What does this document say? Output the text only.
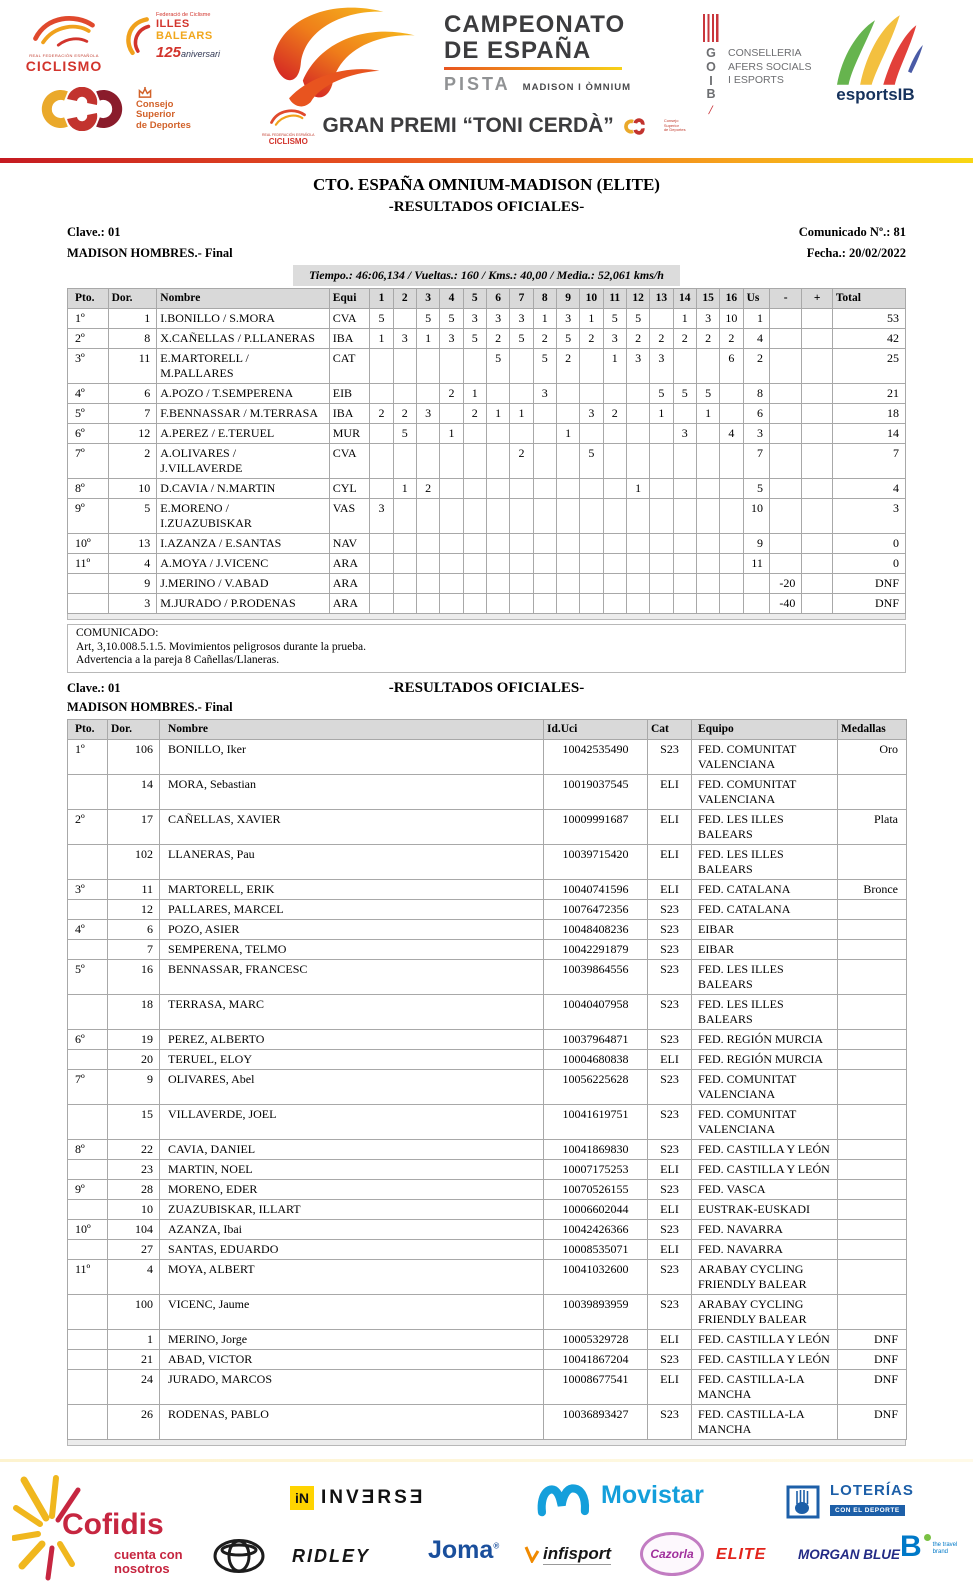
REAL FEDERACIÓN ESPAÑOLA
CICLISMO
Federació de Ciclisme
ILLES
BALEARS
125aniversari
Consejo
Superior
de Deportes
CAMPEONATO
DE ESPAÑA
PISTA MADISON I ÒMNIUM
REAL FEDERACIÓN ESPAÑOLA
CICLISMO
GRAN PREMI “TONI CERDÀ”	Consejo
Superior
de Deportes
G
O
I
B
/
CONSELLERIA
AFERS SOCIALS
I ESPORTS
esportsIB
CTO. ESPAÑA OMNIUM-MADISON (ELITE)
-RESULTADOS OFICIALES-
Clave.: 01	Comunicado Nº.: 81
MADISON HOMBRES.- Final	Fecha.: 20/02/2022
Tiempo.: 46:06,134 / Vueltas.: 160 / Kms.: 40,00 / Media.: 52,061 kms/h
Pto.	Dor.	Nombre	Equi	1	2	3	4	5	6	7	8	9	10	11	12	13	14	15	16	Us	-	+	Total
1º	1	I.BONILLO / S.MORA	CVA	5		5	5	3	3	3	1	3	1	5	5		1	3	10	1			53
2º	8	X.CAÑELLAS / P.LLANERAS	IBA	1	3	1	3	5	2	5	2	5	2	3	2	2	2	2	2	4			42
3º	11	E.MARTORELL /
M.PALLARES	CAT						5		5	2		1	3	3			6	2			25
4º	6	A.POZO / T.SEMPERENA	EIB				2	1			3					5	5	5		8			21
5º	7	F.BENNASSAR / M.TERRASA	IBA	2	2	3		2	1	1			3	2		1		1		6			18
6º	12	A.PEREZ / E.TERUEL	MUR		5		1					1					3		4	3			14
7º	2	A.OLIVARES /
J.VILLAVERDE	CVA							2			5							7			7
8º	10	D.CAVIA / N.MARTIN	CYL		1	2									1					5			4
9º	5	E.MORENO /
I.ZUAZUBISKAR	VAS	3																10			3
10º	13	I.AZANZA / E.SANTAS	NAV																	9			0
11º	4	A.MOYA / J.VICENC	ARA																	11			0
	9	J.MERINO / V.ABAD	ARA																		-20		DNF
	3	M.JURADO / P.RODENAS	ARA																		-40		DNF
COMUNICADO:
Art, 3,10.008.5.1.5. Movimientos peligrosos durante la prueba.
Advertencia a la pareja 8 Cañellas/Llaneras.
Clave.: 01	-RESULTADOS OFICIALES-
MADISON HOMBRES.- Final
Pto.	Dor.	Nombre	Id.Uci	Cat	Equipo	Medallas
1º	106	BONILLO, Iker	10042535490	S23	FED. COMUNITAT VALENCIANA	Oro
	14	MORA, Sebastian	10019037545	ELI	FED. COMUNITAT VALENCIANA	
2º	17	CAÑELLAS, XAVIER	10009991687	ELI	FED. LES ILLES BALEARS	Plata
	102	LLANERAS, Pau	10039715420	ELI	FED. LES ILLES BALEARS	
3º	11	MARTORELL, ERIK	10040741596	ELI	FED. CATALANA	Bronce
	12	PALLARES, MARCEL	10076472356	S23	FED. CATALANA	
4º	6	POZO, ASIER	10048408236	S23	EIBAR	
	7	SEMPERENA, TELMO	10042291879	S23	EIBAR	
5º	16	BENNASSAR, FRANCESC	10039864556	S23	FED. LES ILLES BALEARS	
	18	TERRASA, MARC	10040407958	S23	FED. LES ILLES BALEARS	
6º	19	PEREZ, ALBERTO	10037964871	S23	FED. REGIÓN MURCIA	
	20	TERUEL, ELOY	10004680838	ELI	FED. REGIÓN MURCIA	
7º	9	OLIVARES, Abel	10056225628	S23	FED. COMUNITAT VALENCIANA	
	15	VILLAVERDE, JOEL	10041619751	S23	FED. COMUNITAT VALENCIANA	
8º	22	CAVIA, DANIEL	10041869830	S23	FED. CASTILLA Y LEÓN	
	23	MARTIN, NOEL	10007175253	ELI	FED. CASTILLA Y LEÓN	
9º	28	MORENO, EDER	10070526155	S23	FED. VASCA	
	10	ZUAZUBISKAR, ILLART	10006602044	ELI	EUSTRAK-EUSKADI	
10º	104	AZANZA, Ibai	10042426366	S23	FED. NAVARRA	
	27	SANTAS, EDUARDO	10008535071	ELI	FED. NAVARRA	
11º	4	MOYA, ALBERT	10041032600	S23	ARABAY CYCLING FRIENDLY BALEAR	
	100	VICENC, Jaume	10039893959	S23	ARABAY CYCLING FRIENDLY BALEAR	
	1	MERINO, Jorge	10005329728	ELI	FED. CASTILLA Y LEÓN	DNF
	21	ABAD, VICTOR	10041867204	S23	FED. CASTILLA Y LEÓN	DNF
	24	JURADO, MARCOS	10008677541	ELI	FED. CASTILLA-LA MANCHA	DNF
	26	RODENAS, PABLO	10036893427	S23	FED. CASTILLA-LA MANCHA	DNF
Cofidis
cuenta con
nosotros
iN INVƎRSƎ	Movistar	LOTERÍAS
CON EL DEPORTE
RIDLEY Joma®	infisport	Cazorla ELITE MORGAN BLUE B the travel
brand
